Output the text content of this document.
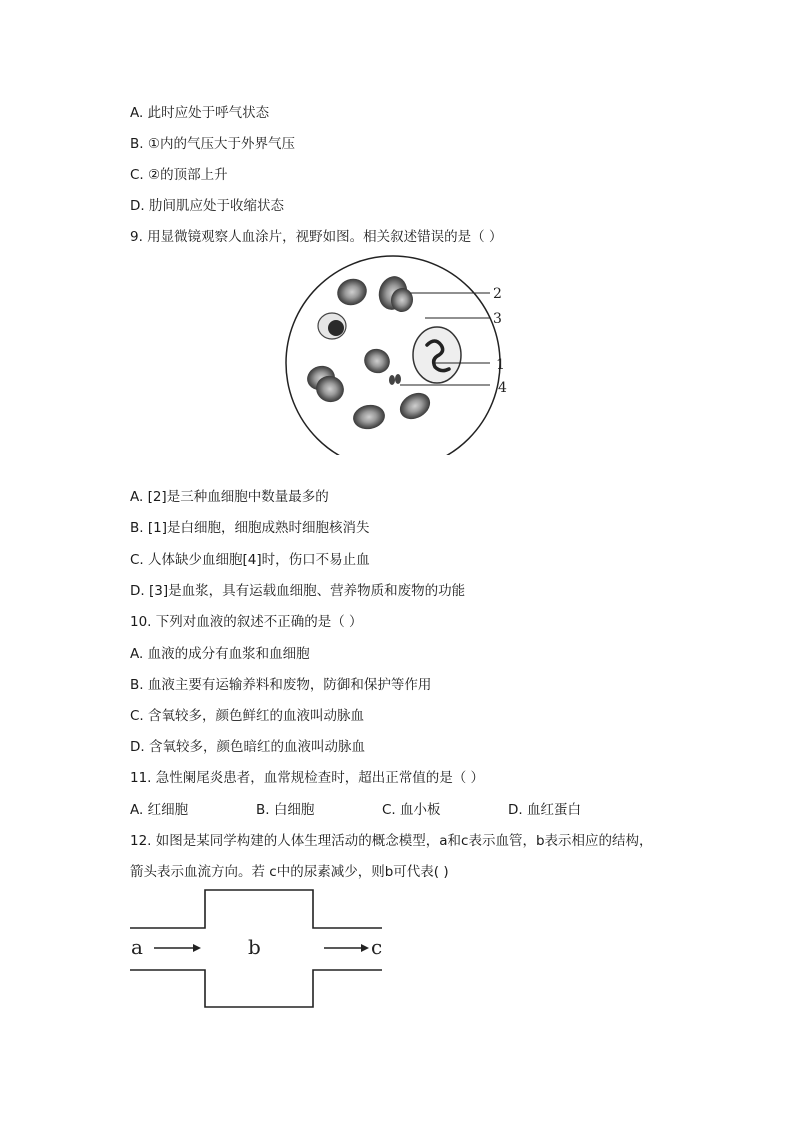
A. 此时应处于呼气状态
B. ①内的气压大于外界气压
C. ②的顶部上升
D. 肋间肌应处于收缩状态
9. 用显微镜观察人血涂片，视野如图。相关叙述错误的是（ ）
2
3
1
4
A. [2]是三种血细胞中数量最多的
B. [1]是白细胞，细胞成熟时细胞核消失
C. 人体缺少血细胞[4]时，伤口不易止血
D. [3]是血浆，具有运载血细胞、营养物质和废物的功能
10. 下列对血液的叙述不正确的是（ ）
A. 血液的成分有血浆和血细胞
B. 血液主要有运输养料和废物，防御和保护等作用
C. 含氧较多，颜色鲜红的血液叫动脉血
D. 含氧较多，颜色暗红的血液叫动脉血
11. 急性阑尾炎患者，血常规检查时，超出正常值的是（ ）
A. 红细胞	B. 白细胞	C. 血小板	D. 血红蛋白
12. 如图是某同学构建的人体生理活动的概念模型，a和c表示血管，b表示相应的结构，
箭头表示血流方向。若 c中的尿素减少，则b可代表( )
a	b	c
